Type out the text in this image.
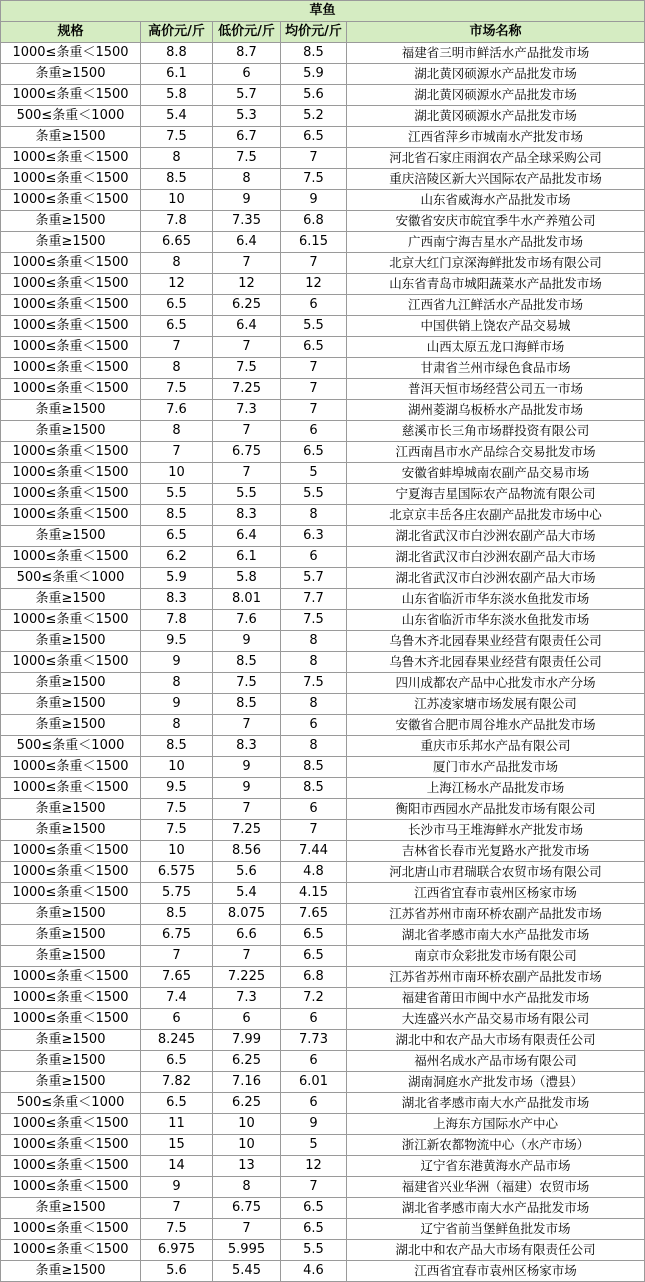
草鱼				
规格	高价元/斤	低价元/斤	均价元/斤	市场名称
1000≤条重＜1500	8.8	8.7	8.5	福建省三明市鲜活水产品批发市场
条重≥1500	6.1	6	5.9	湖北黄冈硕源水产品批发市场
1000≤条重＜1500	5.8	5.7	5.6	湖北黄冈硕源水产品批发市场
500≤条重＜1000	5.4	5.3	5.2	湖北黄冈硕源水产品批发市场
条重≥1500	7.5	6.7	6.5	江西省萍乡市城南水产批发市场
1000≤条重＜1500	8	7.5	7	河北省石家庄雨润农产品全球采购公司
1000≤条重＜1500	8.5	8	7.5	重庆涪陵区新大兴国际农产品批发市场
1000≤条重＜1500	10	9	9	山东省威海水产品批发市场
条重≥1500	7.8	7.35	6.8	安徽省安庆市皖宜季牛水产养殖公司
条重≥1500	6.65	6.4	6.15	广西南宁海吉星水产品批发市场
1000≤条重＜1500	8	7	7	北京大红门京深海鲜批发市场有限公司
1000≤条重＜1500	12	12	12	山东省青岛市城阳蔬菜水产品批发市场
1000≤条重＜1500	6.5	6.25	6	江西省九江鲜活水产品批发市场
1000≤条重＜1500	6.5	6.4	5.5	中国供销上饶农产品交易城
1000≤条重＜1500	7	7	6.5	山西太原五龙口海鲜市场
1000≤条重＜1500	8	7.5	7	甘肃省兰州市绿色食品市场
1000≤条重＜1500	7.5	7.25	7	普洱天恒市场经营公司五一市场
条重≥1500	7.6	7.3	7	湖州菱湖乌板桥水产品批发市场
条重≥1500	8	7	6	慈溪市长三角市场群投资有限公司
1000≤条重＜1500	7	6.75	6.5	江西南昌市水产品综合交易批发市场
1000≤条重＜1500	10	7	5	安徽省蚌埠城南农副产品交易市场
1000≤条重＜1500	5.5	5.5	5.5	宁夏海吉星国际农产品物流有限公司
1000≤条重＜1500	8.5	8.3	8	北京京丰岳各庄农副产品批发市场中心
条重≥1500	6.5	6.4	6.3	湖北省武汉市白沙洲农副产品大市场
1000≤条重＜1500	6.2	6.1	6	湖北省武汉市白沙洲农副产品大市场
500≤条重＜1000	5.9	5.8	5.7	湖北省武汉市白沙洲农副产品大市场
条重≥1500	8.3	8.01	7.7	山东省临沂市华东淡水鱼批发市场
1000≤条重＜1500	7.8	7.6	7.5	山东省临沂市华东淡水鱼批发市场
条重≥1500	9.5	9	8	乌鲁木齐北园春果业经营有限责任公司
1000≤条重＜1500	9	8.5	8	乌鲁木齐北园春果业经营有限责任公司
条重≥1500	8	7.5	7.5	四川成都农产品中心批发市水产分场
条重≥1500	9	8.5	8	江苏凌家塘市场发展有限公司
条重≥1500	8	7	6	安徽省合肥市周谷堆水产品批发市场
500≤条重＜1000	8.5	8.3	8	重庆市乐邦水产品有限公司
1000≤条重＜1500	10	9	8.5	厦门市水产品批发市场
1000≤条重＜1500	9.5	9	8.5	上海江杨水产品批发市场
条重≥1500	7.5	7	6	衡阳市西园水产品批发市场有限公司
条重≥1500	7.5	7.25	7	长沙市马王堆海鲜水产批发市场
1000≤条重＜1500	10	8.56	7.44	吉林省长春市光复路水产批发市场
1000≤条重＜1500	6.575	5.6	4.8	河北唐山市君瑞联合农贸市场有限公司
1000≤条重＜1500	5.75	5.4	4.15	江西省宜春市袁州区杨家市场
条重≥1500	8.5	8.075	7.65	江苏省苏州市南环桥农副产品批发市场
条重≥1500	6.75	6.6	6.5	湖北省孝感市南大水产品批发市场
条重≥1500	7	7	6.5	南京市众彩批发市场有限公司
1000≤条重＜1500	7.65	7.225	6.8	江苏省苏州市南环桥农副产品批发市场
1000≤条重＜1500	7.4	7.3	7.2	福建省莆田市闽中水产品批发市场
1000≤条重＜1500	6	6	6	大连盛兴水产品交易市场有限公司
条重≥1500	8.245	7.99	7.73	湖北中和农产品大市场有限责任公司
条重≥1500	6.5	6.25	6	福州名成水产品市场有限公司
条重≥1500	7.82	7.16	6.01	湖南洞庭水产批发市场（澧县）
500≤条重＜1000	6.5	6.25	6	湖北省孝感市南大水产品批发市场
1000≤条重＜1500	11	10	9	上海东方国际水产中心
1000≤条重＜1500	15	10	5	浙江新农都物流中心（水产市场）
1000≤条重＜1500	14	13	12	辽宁省东港黄海水产品市场
1000≤条重＜1500	9	8	7	福建省兴业华洲（福建）农贸市场
条重≥1500	7	6.75	6.5	湖北省孝感市南大水产品批发市场
1000≤条重＜1500	7.5	7	6.5	辽宁省前当堡鲜鱼批发市场
1000≤条重＜1500	6.975	5.995	5.5	湖北中和农产品大市场有限责任公司
条重≥1500	5.6	5.45	4.6	江西省宜春市袁州区杨家市场
